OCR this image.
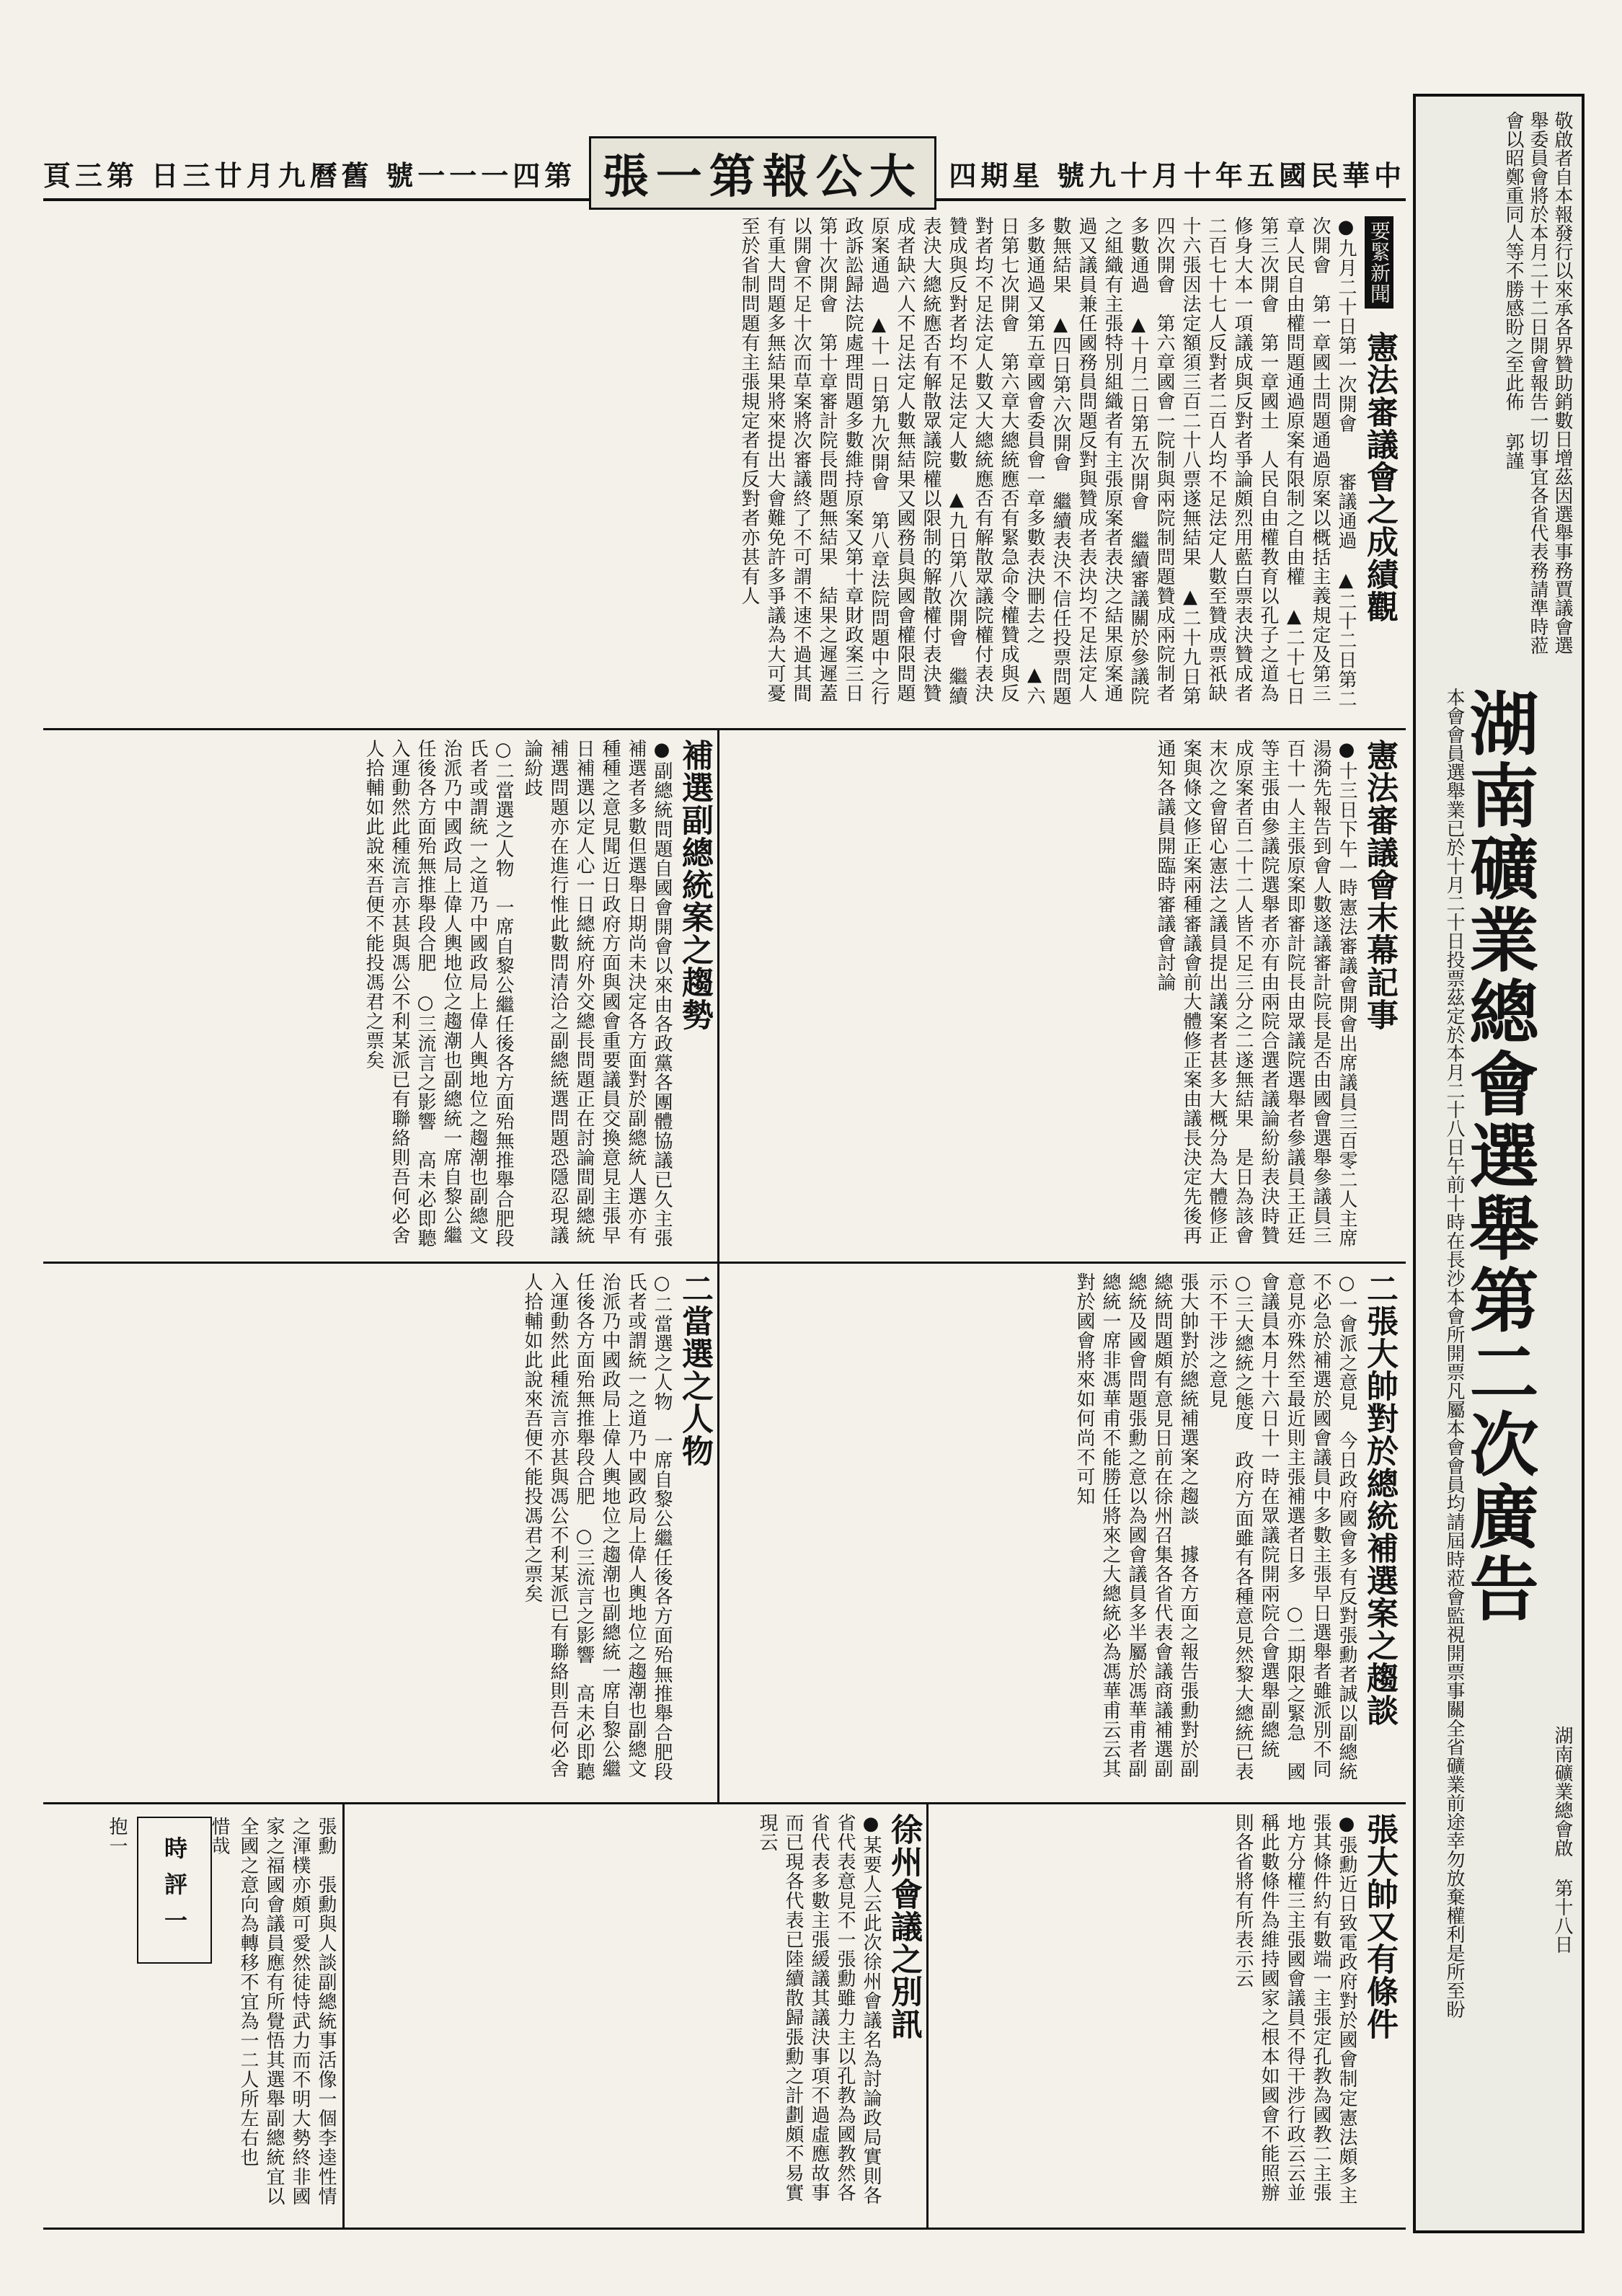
頁三第 日三廿月九曆舊 號一一一四第 張一第報公大 四期星 號九十月十年五國民華中
要緊新聞 憲法審議會之成績觀

●九月二十日第一次開會　　審議通過　▲二十二日第二次開會　第一章國土問題通過原案以概括主義規定及第三章人民自由權問題通過原案有限制之自由權　▲二十七日第三次開會　第一章國土　人民自由權教育以孔子之道為修身大本一項議成與反對者爭論頗烈用藍白票表決贊成者二百七十七人反對者二百人均不足法定人數至贊成票祇缺十六張因法定額須三百二十八票遂無結果　▲二十九日第四次開會　第六章國會一院制與兩院制問題贊成兩院制者多數通過　▲十月二日第五次開會　繼續審議關於參議院之組織有主張特別組織者有主張原案者表決之結果原案通過又議員兼任國務員問題反對與贊成者表決均不足法定人數無結果　▲四日第六次開會　繼續表決不信任投票問題多數通過又第五章國會委員會一章多數表決刪去之　▲六日第七次開會　第六章大總統應否有緊急命令權贊成與反對者均不足法定人數又大總統應否有解散眾議院權付表決贊成與反對者均不足法定人數　▲九日第八次開會　繼續表決大總統應否有解散眾議院權以限制的解散權付表決贊成者缺六人不足法定人數無結果又國務員與國會權限問題原案通過　▲十一日第九次開會　第八章法院問題中之行政訴訟歸法院處理問題多數維持原案又第十章財政案三日第十次開會　第十章審計院長問題無結果　結果之遲遲蓋以開會不足十次而草案將次審議終了不可謂不速不過其間有重大問題多無結果將來提出大會難免許多爭議為大可憂至於省制問題有主張規定者有反對者亦甚有人

憲法審議會末幕記事

●十三日下午一時憲法審議會開會出席議員三百零二人主席湯漪先報告到會人數遂議審計院長是否由國會選舉參議員三百十一人主張原案即審計院長由眾議院選舉者參議員王正廷等主張由參議院選舉者亦有由兩院合選者議論紛紛表決時贊成原案者百二十二人皆不足三分之二遂無結果　是日為該會末次之會留心憲法之議員提出議案者甚多大概分為大體修正案與條文修正案兩種審議會前大體修正案由議長決定先後再通知各議員開臨時審議會討論

補選副總統案之趨勢

●副總統問題自國會開會以來由各政黨各團體協議已久主張補選者多數但選舉日期尚未決定各方面對於副總統人選亦有種種之意見聞近日政府方面與國會重要議員交換意見主張早日補選以定人心一日總統府外交總長問題正在討論間副總統補選問題亦在進行惟此數問清洽之副總統選問題恐隱忍現議論紛歧

○二當選之人物　一席自黎公繼任後各方面殆無推舉合肥段氏者或謂統一之道乃中國政局上偉人輿地位之趨潮也副總文治派乃中國政局上偉人輿地位之趨潮也副總統一席自黎公繼任後各方面殆無推舉段合肥　○三流言之影響　高未必即聽入運動然此種流言亦甚與馮公不利某派已有聯絡則吾何必舍人拾輔如此說來吾便不能投馮君之票矣

二張大帥對於總統補選案之趨談

○一會派之意見　今日政府國會多有反對張勳者誠以副總統不必急於補選於國會議員中多數主張早日選舉者雖派別不同意見亦殊然至最近則主張補選者日多　○二期限之緊急　國會議員本月十六日十一時在眾議院開兩院合會選舉副總統　○三大總統之態度　政府方面雖有各種意見然黎大總統已表示不干涉之意見

張大帥對於總統補選案之趨談　據各方面之報告張勳對於副總統問題頗有意見日前在徐州召集各省代表會議商議補選副總統及國會問題張勳之意以為國會議員多半屬於馮華甫者副總統一席非馮華甫不能勝任將來之大總統必為馮華甫云云其對於國會將來如何尚不可知

二當選之人物

○二當選之人物　一席自黎公繼任後各方面殆無推舉合肥段氏者或謂統一之道乃中國政局上偉人輿地位之趨潮也副總文治派乃中國政局上偉人輿地位之趨潮也副總統一席自黎公繼任後各方面殆無推舉段合肥　○三流言之影響　高未必即聽入運動然此種流言亦甚與馮公不利某派已有聯絡則吾何必舍人拾輔如此說來吾便不能投馮君之票矣

張大帥又有條件

●張勳近日致電政府對於國會制定憲法頗多主張其條件約有數端一主張定孔教為國教二主張地方分權三主張國會議員不得干涉行政云云並稱此數條件為維持國家之根本如國會不能照辦則各省將有所表示云

徐州會議之別訊

●某要人云此次徐州會議名為討論政局實則各省代表意見不一張勳雖力主以孔教為國教然各省代表多數主張緩議其議決事項不過虛應故事而已現各代表已陸續散歸張勳之計劃頗不易實現云

時評一
抱一	張勳　張勳與人談副總統事活像一個李逵性情之渾樸亦頗可愛然徒恃武力而不明大勢終非國家之福國會議員應有所覺悟其選舉副總統宜以全國之意向為轉移不宜為一二人所左右也

惜哉

敬啟者自本報發行以來承各界贊助銷數日增茲因選舉事務賈議會選舉委員會將於本月二十二日開會報告一切事宜各省代表務請準時蒞會以昭鄭重同人等不勝感盼之至此佈 郭謹
湖南礦業總會選舉第二次廣告
本會會員選舉業已於十月二十日投票茲定於本月二十八日午前十時在長沙本會所開票凡屬本會會員均請屆時蒞會監視開票事關全省礦業前途幸勿放棄權利是所至盼	湖南礦業總會啟 第十八日
